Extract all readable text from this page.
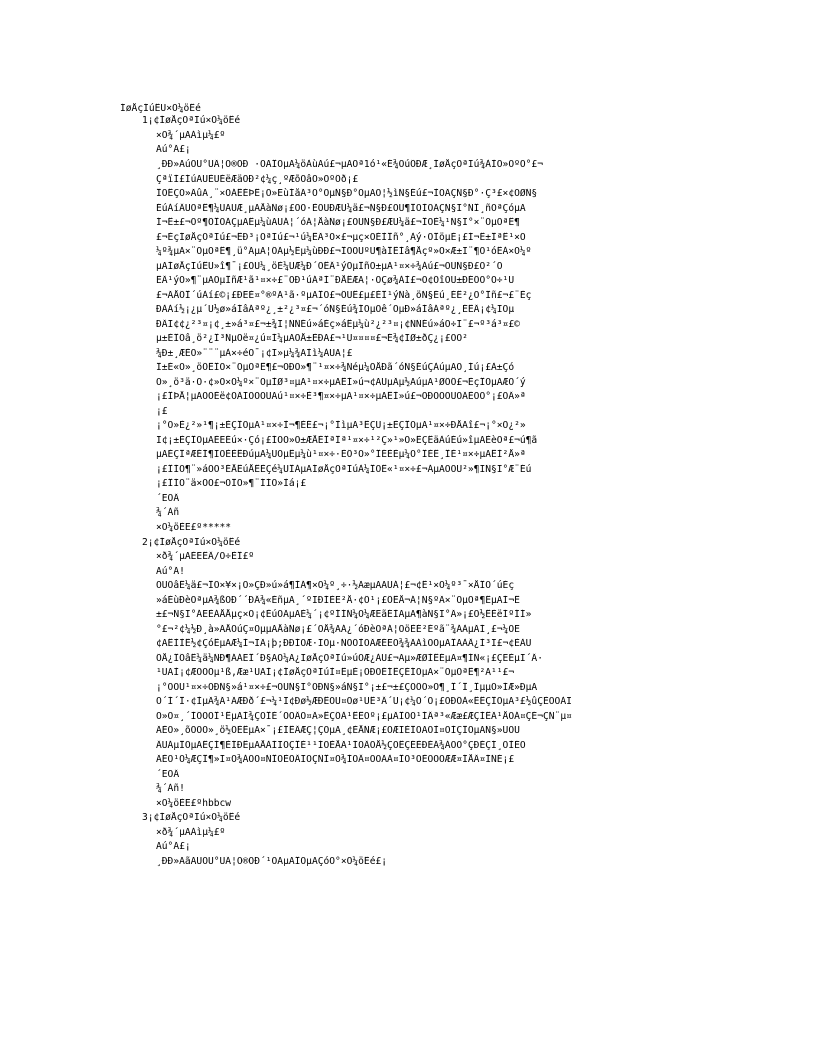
ÍøÅçÍúÊÛ×Ô¼öÊé
1¡¢ÍøÅçÓªÏú×Ô¼öÊé
×Ô¾´µÄÁìµ¼£º
Äú°Ã£¡
¸ÐÐ»ÄúÔÚ°ÙÃ¦Ö®ÖÐ ·ÔÄÎÒµÄ¼öÀùÄú£¬µÄÔª1ó¹«É¾ÓúÕÐÆ¸ÍøÅçÓªÏú¾ÀÌÒ»ÖºÓ°£¬
ÇªïÍ£ÍúÄÙÈÙÈëÆäÖÐ²¢¼ç¸ºÆõÔâÒ»ÖºÕð¡£
ÎÒÊÇÒ»ÃûÄ¸¨×ÓÁÊÉÞÊ¡Ò»ËùÍåÃ³Ô°ÒµÑ§Ð°ÒµÄÓ¦½ìÑ§Éú£¬ÌÒÃÇÑ§Ð°·Ç³£×¢ÖØÑ§
ÉúÀíÂÛÖªÊ¶¼ÙÄÙÆ¸µÄÅàÑø¡£ÒÒ·ÈÔÚÐÆÛ¼ä£¬Ñ§Ð£ÔÚ¶ÎÖÌÒÃÇÑ§Ï°ÑÎ¸ñÒªÇóµÄ
Í¬Ê±£¬Òº¶ÕÎÒÃÇµÄÊµ¼ùÄÜÁ¦´óÁ¦ÅàÑø¡£ÔÚÑ§Ð£ÆÚ¼ä£¬ÎÒÈ¼¹Ñ§Ï°×¨ÒµÖªÊ¶
£¬ÈçÍøÅçÓªÏú£¬ÊÐ³¡ÓªÏú£¬¹ú¼ÊÃ³Ò×£¬µç×ÓÉÌÎñ°¸Àý·ÖÎöµÈ¡£Í¬Ê±ÎªÊ¹×Ô
¼º¾µÄ×¨ÒµÓªÊ¶¸ü°ÃµÄ¦ÕÃµ½Êµ¼ùÐÐ£¬ÎÒÒÜºÜ¶àÎÊÌâ¶Åçº»Ò×Æ±Ï¨¶Ö¹óÊÀ×Ô¼º
µÄÍøÅçÏúÊÛ»î¶¯¡£ÓÚ¼¸öÈ¼ÙÆ¼Ð´ÓÊÂ¹ýÒµÎñÔ±µÄ¹¤×÷¾Áú£¬ÔÚÑ§Ð£Ò²´Ó
ÊÂ¹ýÒ»¶¨µÄÒµÎñÆ¹ã¹¤×÷£¨ÒÐ¹úÁªÍ¨ÐÅÊÆÄ¦·ÓÇø¾ÀÌ£¬Ó¢ÕîÖÜ±ÐÉÕÒ°Ö÷¹Ü
£¬ÃÅÕÎ´úÀí£©¡£ÐËÈ¤°®ºÃ¹ã·ºµÄÎÒ£¬ÕÚÊ£µ£ÈÎ¹ýÑà¸öÑ§Éú¸ÉÊ²¿Ò°Îñ£¬£¨Èç
ÐÀÀí½¡¿µ´Ù½ø»áÍâÁªº¿¸±²¿³¤£¬´óÑ§Éú¾ÍÒµÖê´ÓµÐ»áÍâÁªº¿¸ÉÊÂ¡¢¼ÏÒµ
ÐÂÏ¢¢¿²³¤¡¢¸±»á³¤£¬±¾Ï¦ÑÑÉú»áÈç»áÊµ¼ù²¿²³¤¡¢ÑÑÉú»áÓ÷Ï¨£¬º³á³¤£©
µ±ÈÎÕâ¸ö²¿Î³ÑµÓë¤¿ú¤Í¼µÄÓÅ±ÈÐÄ£¬¹Ü¤¤¤¤£¬É¾¢ÏØ±ðÇ¿¡£ÒÒ²
¾Ð±¸ÆÈÒ»¨¨¨µÀ×÷éÓ¯¡¢Ï»µ¼¾ÄÌì¼ÀÜÄ¦£
Î±É«Ò»¸öÕÊÎÒ×¨ÒµÓªÊ¶£¬ÓÐÒ»¶¨¹¤×÷¾Ñéµ¼ÓÅÐã´óÑ§ÉúÇÀúµÄÔ¸Íú¡£À±Çó
Ò»¸ö³ä·Ö·¢»Ó×Ô¼º×¨ÒµÌØ³¤µÄ¹¤×÷µÄÊÌ»ú¬¢ÄÜµÃµ½ÄúµÄ¹ØÕÕ£¬ÈçÎÒµÄÆÖ´ý
¡£ÎÞÅ¦µÄÒÔÈë¢ÓÃÏÒÔÓÚÄú¹¤×÷È³¶¤×÷µÄ¹¤×÷µÄÊÌ»ú£¬ÓÐÒÔÓÚÒÃÈÖÓ°¡£ÔÂ»ª
¡£
¡°Ò»È¿²»¹¶¡±ÈÇÎÒµÄ¹¤×÷Ì¬¶ÈÉ£¬¡°ÌìµÄ³ÊÇÚ¡±ÈÇÎÒµÄ¹¤×÷ÐÅÄî£¬¡°×Ô¿²»
Ï¢¡±ÈÇÎÒµÄÈËÉú×·Çó¡£ÍÒÒ»Ö±ÆÅÈÎªÎª¹¤×÷¹²Ç»¹»Ò»ÊÇÊäÀúÉú»îµÄÈèÒª£¬ú¶ã
µÄÈÇÎªÆÉÍ¶ÏÓÈÈÊÐúµÄ¼ÛÖµÊµ¼ù¹¤×÷·ÈÕ³Ò»°ÎÉÈÈµ¼Ò°ÎÈÊ¸ÎÈ¹¤×÷µÄÊÌ²Å»ª
¡£ÎÍÔ¶¨»áÒÔ³ÉÅÊúÅÊÈÇé¼ÛÎÁµÄÍøÅçÓªÏúÀ¼ÎÔÊ«¹¤×÷£¬ÁµÄÓÔÚ²»¶ÏÑ§Ï°Æ¨Éú
¡£ÎÍÒ¨ä×ÓÔ£¬ÓÎÒ»¶¨ÍÍÔ»Ìá¡£
´ËÖÂ
¾´Àñ
×Ô¼öÈË£º*****
2¡¢ÍøÅçÓªÏú×Ô¼öÊé
×ð¾´µÄÈËÊÂ/Ö÷ÈÎ£º
Äú°Ã!
ÔÚÕâÊ¼ä£¬ÎÒ×¥×¡Ò»ÇÐ»ú»á¶ÍÁ¶×Ô¼º¸÷·½ÃæµÄÄÜÁ¦£¬¢Ê¹×Ô¼º³¯×ÅÎÒ´úÈç
»áÈùÐèÒªµÄ¾ßÓÐ´´ÐÂ¾«ÉñµÄ¸´ºÏÐÍÈË²Å·¢Õ¹¡£ÕÊÅ¬Á¦Ñ§ºÃ×¨ÒµÖª¶ÊµÄÍ¬Ê
±£¬Ñ§Ï°ÁËÈÁÅÅµç×Ó¡¢ÈúÓÃµÄÈ¼´¡¢ºÍÍÑ¼Ó¼ÆËãÉÌÄµÄ¶àÑ§Ï°Ã»¡£Ô½ÊÈëÍºÍÍ»
°£¬²¢¼½Ð¸à»ÃÅÖúÇ¤ÔµµÄÅàÑø¡£´ÖÅ¾ÄÁ¿´óÐèÒªÁ¦ÔöÈÉ²Éºã¨¾ÁÀµÃÍ¸£¬¼ÓË
¢ÄÊÌÌÊ½¢ÇóÊµÄÆ¼Ì¬ÏÃ¡þ;ÐÐÍÓÆ·ÏÒµ·ÑÒÒÌÓÃÆÉËÒ¾¾ÃÁìÓÒµÄÎÄÀÂ¿Ì³Ï£¬¢ÈÀÛ
ÕÅ¿ÎÕâÊ¼ä¼ÑÐ¶ÁÁËÎ´Ð§ÄÔ¼Ä¿ÏøÅçÓªÏú»úÖÆ¿ÀÚ£¬Äµ»ÆØÌÊÉµÄ¤¶ÍÑ«¡£ÇËÈµÏ´Â·
¹ÛÄÌ¡¢ÆÓÖÒµ¹ß,Ææ¹ÛÄÌ¡¢ÍøÅçÓªÏúÌ¤ÊµÈ¡ÖÐÒÉÍÊÇÉÍÒµÄ×¨ÒµÖªÊ¶²Ä¹¹£¬
¡°ÒÔÙ¹¤×÷ÓÐÑ§»á¹¤×÷£¬ÔÚÑ§Ï°ÖÐÑ§»áÑ§Ï°¡±£¬±£ÇÒÕÒ»Ö¶¸Î´Î¸ÎµµÒ»ÍÆ»ÐµÄ
Ó´Í´Î·¢ÌµÃ¾Ã¹ÃÆÐð´£¬¼¹Ï¢Ðø½ÆÐÊÓÚ¤Ôø¹ÚÊ³Â´Ù¡¢¼Ò´Ó¡£ÖÐÕÀ«ÊÊÇÎÒµÄ³£½ûÇÈÓÓÀÏ
Ö»Ò¤¸´ÌÕÖÓÎ¹ÊµÄÌ¾ÇÒÎÈ´ÓÒÂÓ¤Ã»ÊÇÕÀ¹ÊÊÒº¡£µÃÎÕÒ¹ÍÂª³«Ææ£ÆÇÌÊÃ¹ÅÔÁ¤ÇÉ¬ÇÑ¨µ¤
ÃÈÒ»¸õÖÓÒ»¸ö½ÕÈÊµÄ×¯¡£ÍÊÂÆÇ¦ÇÒµÄ¸¢ÈÅÑÆ¡£ÓÆÏÈÎÓÄÒÌ¤ÒÍÇÎÒµÄÑ§»ÚÔÚ
ÂÙÁµÎÒµÄÊÇÍ¶ÈÍÐÊµÄÅÀÍÏÒÇÎÈ¹¹ÍÒÈÅÃ¹ÍÒÂÔÅ½ÇÒÊÇÉÈÐÉÁ¾ÁÔÖ°ÇÐÉÇÍ¸ÔÌÉÒ
ÃÈÔ¹Ò¼ÆÇÎ¶»Ï¤Ò¾ÁÒÓ¤ÑÎÓÈÒÂÏÒÇÑÎ¤Ò¾ÍÒÂ¤ÓÒÃÀ¤ÎÒ³ÓÈÓÒÓÆÆ¤ÍÅÂ¤ÍÑÉ¡£
´ËÖÂ
¾´Àñ!
×Ô¼öÈË£ºhbbcw
3¡¢ÍøÅçÓªÏú×Ô¼öÊé
×ð¾´µÄÁìµ¼£º
Äú°Ã£¡
¸ÐÐ»ÄãÄÜÔÚ°ÙÃ¦Ö®ÖÐ´¹ÔÄµÄÎÒµÄÇóÖ°×Ô¼öÊé£¡
